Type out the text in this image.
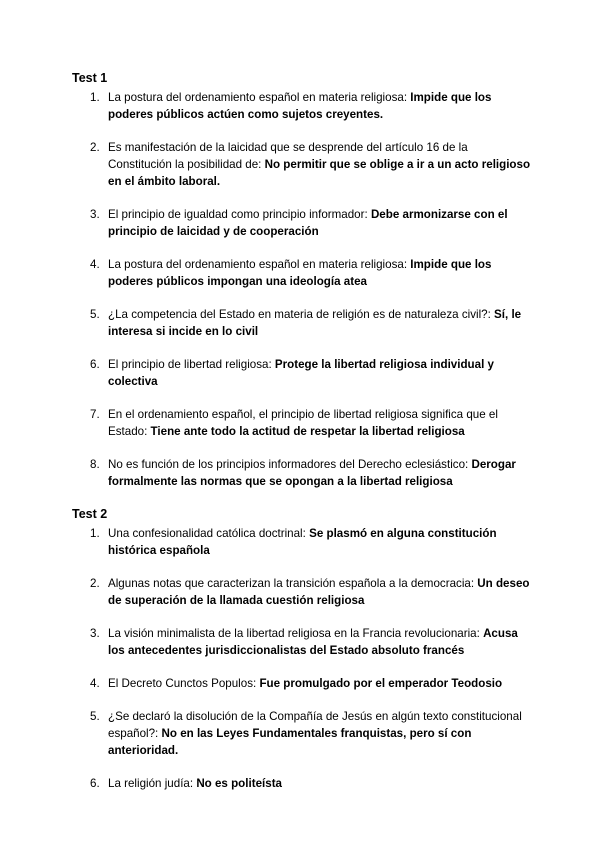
Test 1
1. La postura del ordenamiento español en materia religiosa: Impide que los poderes públicos actúen como sujetos creyentes.
2. Es manifestación de la laicidad que se desprende del artículo 16 de la Constitución la posibilidad de: No permitir que se oblige a ir a un acto religioso en el ámbito laboral.
3. El principio de igualdad como principio informador: Debe armonizarse con el principio de laicidad y de cooperación
4. La postura del ordenamiento español en materia religiosa: Impide que los poderes públicos impongan una ideología atea
5. ¿La competencia del Estado en materia de religión es de naturaleza civil?: Sí, le interesa si incide en lo civil
6. El principio de libertad religiosa: Protege la libertad religiosa individual y colectiva
7. En el ordenamiento español, el principio de libertad religiosa significa que el Estado: Tiene ante todo la actitud de respetar la libertad religiosa
8. No es función de los principios informadores del Derecho eclesiástico: Derogar formalmente las normas que se opongan a la libertad religiosa
Test 2
1. Una confesionalidad católica doctrinal: Se plasmó en alguna constitución histórica española
2. Algunas notas que caracterizan la transición española a la democracia: Un deseo de superación de la llamada cuestión religiosa
3. La visión minimalista de la libertad religiosa en la Francia revolucionaria: Acusa los antecedentes jurisdiccionalistas del Estado absoluto francés
4. El Decreto Cunctos Populos: Fue promulgado por el emperador Teodosio
5. ¿Se declaró la disolución de la Compañía de Jesús en algún texto constitucional español?: No en las Leyes Fundamentales franquistas, pero sí con anterioridad.
6. La religión judía: No es politeísta
